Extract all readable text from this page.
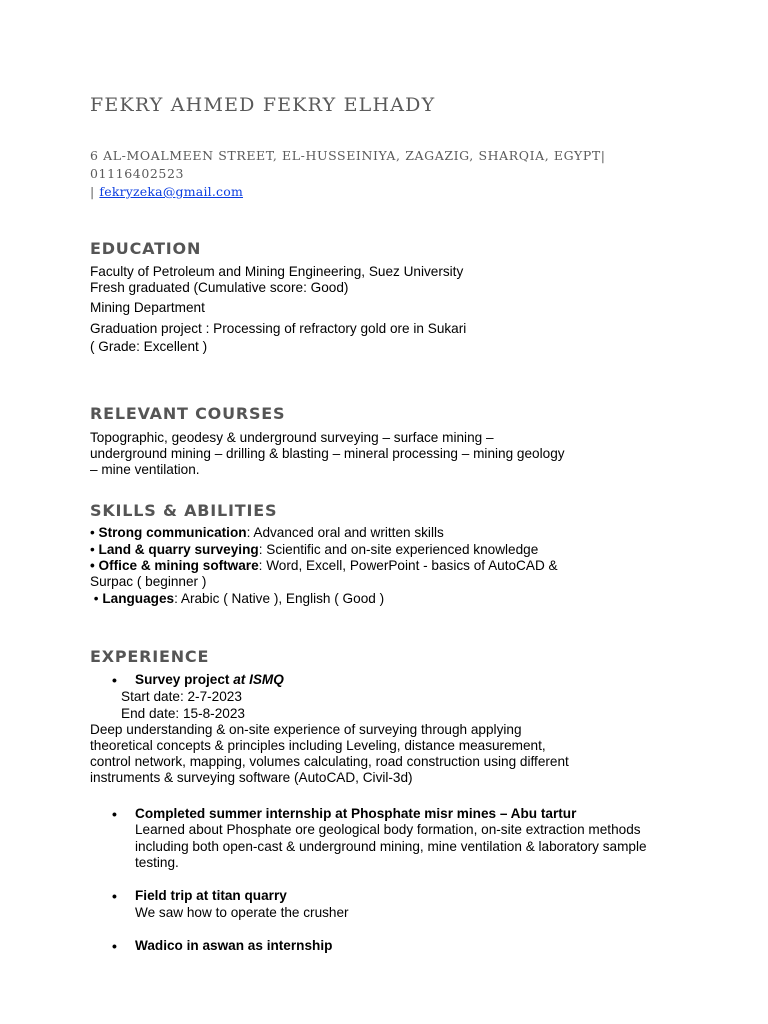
FEKRY AHMED FEKRY ELHADY
6 AL-MOALMEEN STREET, EL-HUSSEINIYA, ZAGAZIG, SHARQIA, EGYPT| 01116402523
| fekryzeka@gmail.com
EDUCATION
Faculty of Petroleum and Mining Engineering, Suez University
Fresh graduated (Cumulative score: Good)
Mining Department
Graduation project : Processing of refractory gold ore in Sukari
( Grade: Excellent )
RELEVANT COURSES
Topographic, geodesy & underground surveying – surface mining –
underground mining – drilling & blasting – mineral processing – mining geology
– mine ventilation.
SKILLS & ABILITIES
• Strong communication: Advanced oral and written skills
• Land & quarry surveying: Scientific and on-site experienced knowledge
• Office & mining software: Word, Excell, PowerPoint - basics of AutoCAD &
Surpac ( beginner )
• Languages: Arabic ( Native ), English ( Good )
EXPERIENCE
• Survey project at ISMQ
Start date: 2-7-2023
End date: 15-8-2023
Deep understanding & on-site experience of surveying through applying
theoretical concepts & principles including Leveling, distance measurement,
control network, mapping, volumes calculating, road construction using different
instruments & surveying software (AutoCAD, Civil-3d)
• Completed summer internship at Phosphate misr mines – Abu tartur
Learned about Phosphate ore geological body formation, on-site extraction methods
including both open-cast & underground mining, mine ventilation & laboratory sample
testing.
• Field trip at titan quarry
We saw how to operate the crusher
• Wadico in aswan as internship
